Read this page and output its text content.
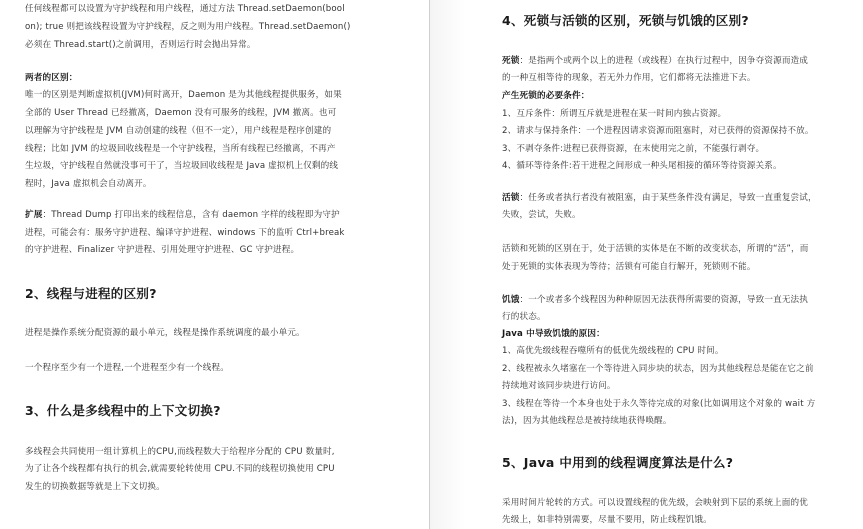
任何线程都可以设置为守护线程和用户线程，通过方法 Thread.setDaemon(bool

on); true 则把该线程设置为守护线程，反之则为用户线程。Thread.setDaemon()

必须在 Thread.start()之前调用，否则运行时会抛出异常。

两者的区别：

唯一的区别是判断虚拟机(JVM)何时离开，Daemon 是为其他线程提供服务，如果

全部的 User Thread 已经撤离，Daemon 没有可服务的线程，JVM 撤离。也可

以理解为守护线程是 JVM 自动创建的线程（但不一定），用户线程是程序创建的

线程；比如 JVM 的垃圾回收线程是一个守护线程，当所有线程已经撤离，不再产

生垃圾，守护线程自然就没事可干了，当垃圾回收线程是 Java 虚拟机上仅剩的线

程时，Java 虚拟机会自动离开。

扩展：Thread Dump 打印出来的线程信息，含有 daemon 字样的线程即为守护

进程，可能会有：服务守护进程、编译守护进程、windows 下的监听 Ctrl+break

的守护进程、Finalizer 守护进程、引用处理守护进程、GC 守护进程。

2、线程与进程的区别?

进程是操作系统分配资源的最小单元，线程是操作系统调度的最小单元。

一个程序至少有一个进程,一个进程至少有一个线程。

3、什么是多线程中的上下文切换?

多线程会共同使用一组计算机上的CPU,而线程数大于给程序分配的 CPU 数量时,

为了让各个线程都有执行的机会,就需要轮转使用 CPU.不同的线程切换使用 CPU

发生的切换数据等就是上下文切换。

4、死锁与活锁的区别，死锁与饥饿的区别?

死锁：是指两个或两个以上的进程（或线程）在执行过程中，因争夺资源而造成

的一种互相等待的现象，若无外力作用，它们都将无法推进下去。

产生死锁的必要条件：

1、互斥条件：所谓互斥就是进程在某一时间内独占资源。

2、请求与保持条件：一个进程因请求资源而阻塞时，对已获得的资源保持不放。

3、不剥夺条件:进程已获得资源，在末使用完之前，不能强行剥夺。

4、循环等待条件:若干进程之间形成一种头尾相接的循环等待资源关系。

活锁：任务或者执行者没有被阻塞，由于某些条件没有满足，导致一直重复尝试，

失败，尝试，失败。

活锁和死锁的区别在于，处于活锁的实体是在不断的改变状态，所谓的“活”，而

处于死锁的实体表现为等待；活锁有可能自行解开，死锁则不能。

饥饿：一个或者多个线程因为种种原因无法获得所需要的资源，导致一直无法执

行的状态。

Java 中导致饥饿的原因：

1、高优先级线程吞噬所有的低优先级线程的 CPU 时间。

2、线程被永久堵塞在一个等待进入同步块的状态，因为其他线程总是能在它之前

持续地对该同步块进行访问。

3、线程在等待一个本身也处于永久等待完成的对象(比如调用这个对象的 wait 方

法)，因为其他线程总是被持续地获得唤醒。

5、Java 中用到的线程调度算法是什么?

采用时间片轮转的方式。可以设置线程的优先级，会映射到下层的系统上面的优

先级上，如非特别需要，尽量不要用，防止线程饥饿。
